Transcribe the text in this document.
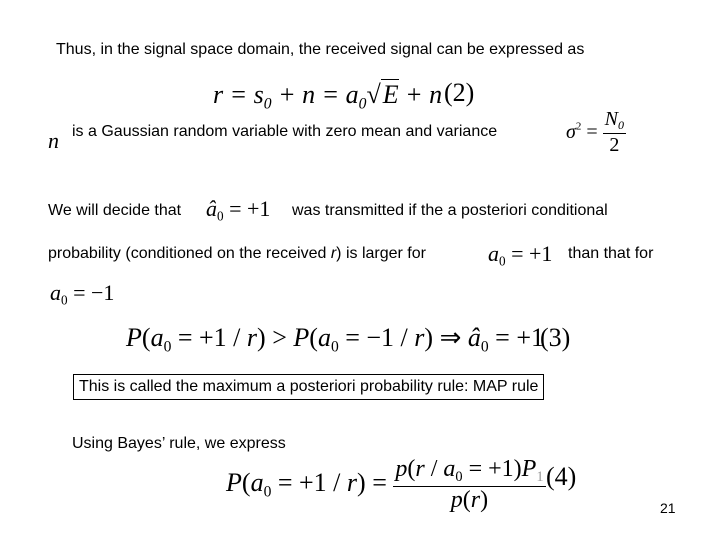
Thus, in the signal space domain, the received signal can be expressed as
$r = s_0 + n = a_0√E + n$ (2)
n is a Gaussian random variable with zero mean and variance	$\sigma^2 = \frac{N_0}{2}$
We will decide that $â_0 = +1$ was transmitted if the a posteriori conditional
probability (conditioned on the received r) is larger for	$a_0 = +1$ than that for
$a_0 = -1$
$P(a_0 = +1 / r) > P(a_0 = -1 / r)$ ⇒ $â_0 = +1$
(3)
This is called the maximum a posteriori probability rule: MAP rule
Using Bayes’ rule, we express
$P(a_0 = +1 / r) = \frac{p(r / a_0 = +1)P_1}{p(r)} (4)$
21
